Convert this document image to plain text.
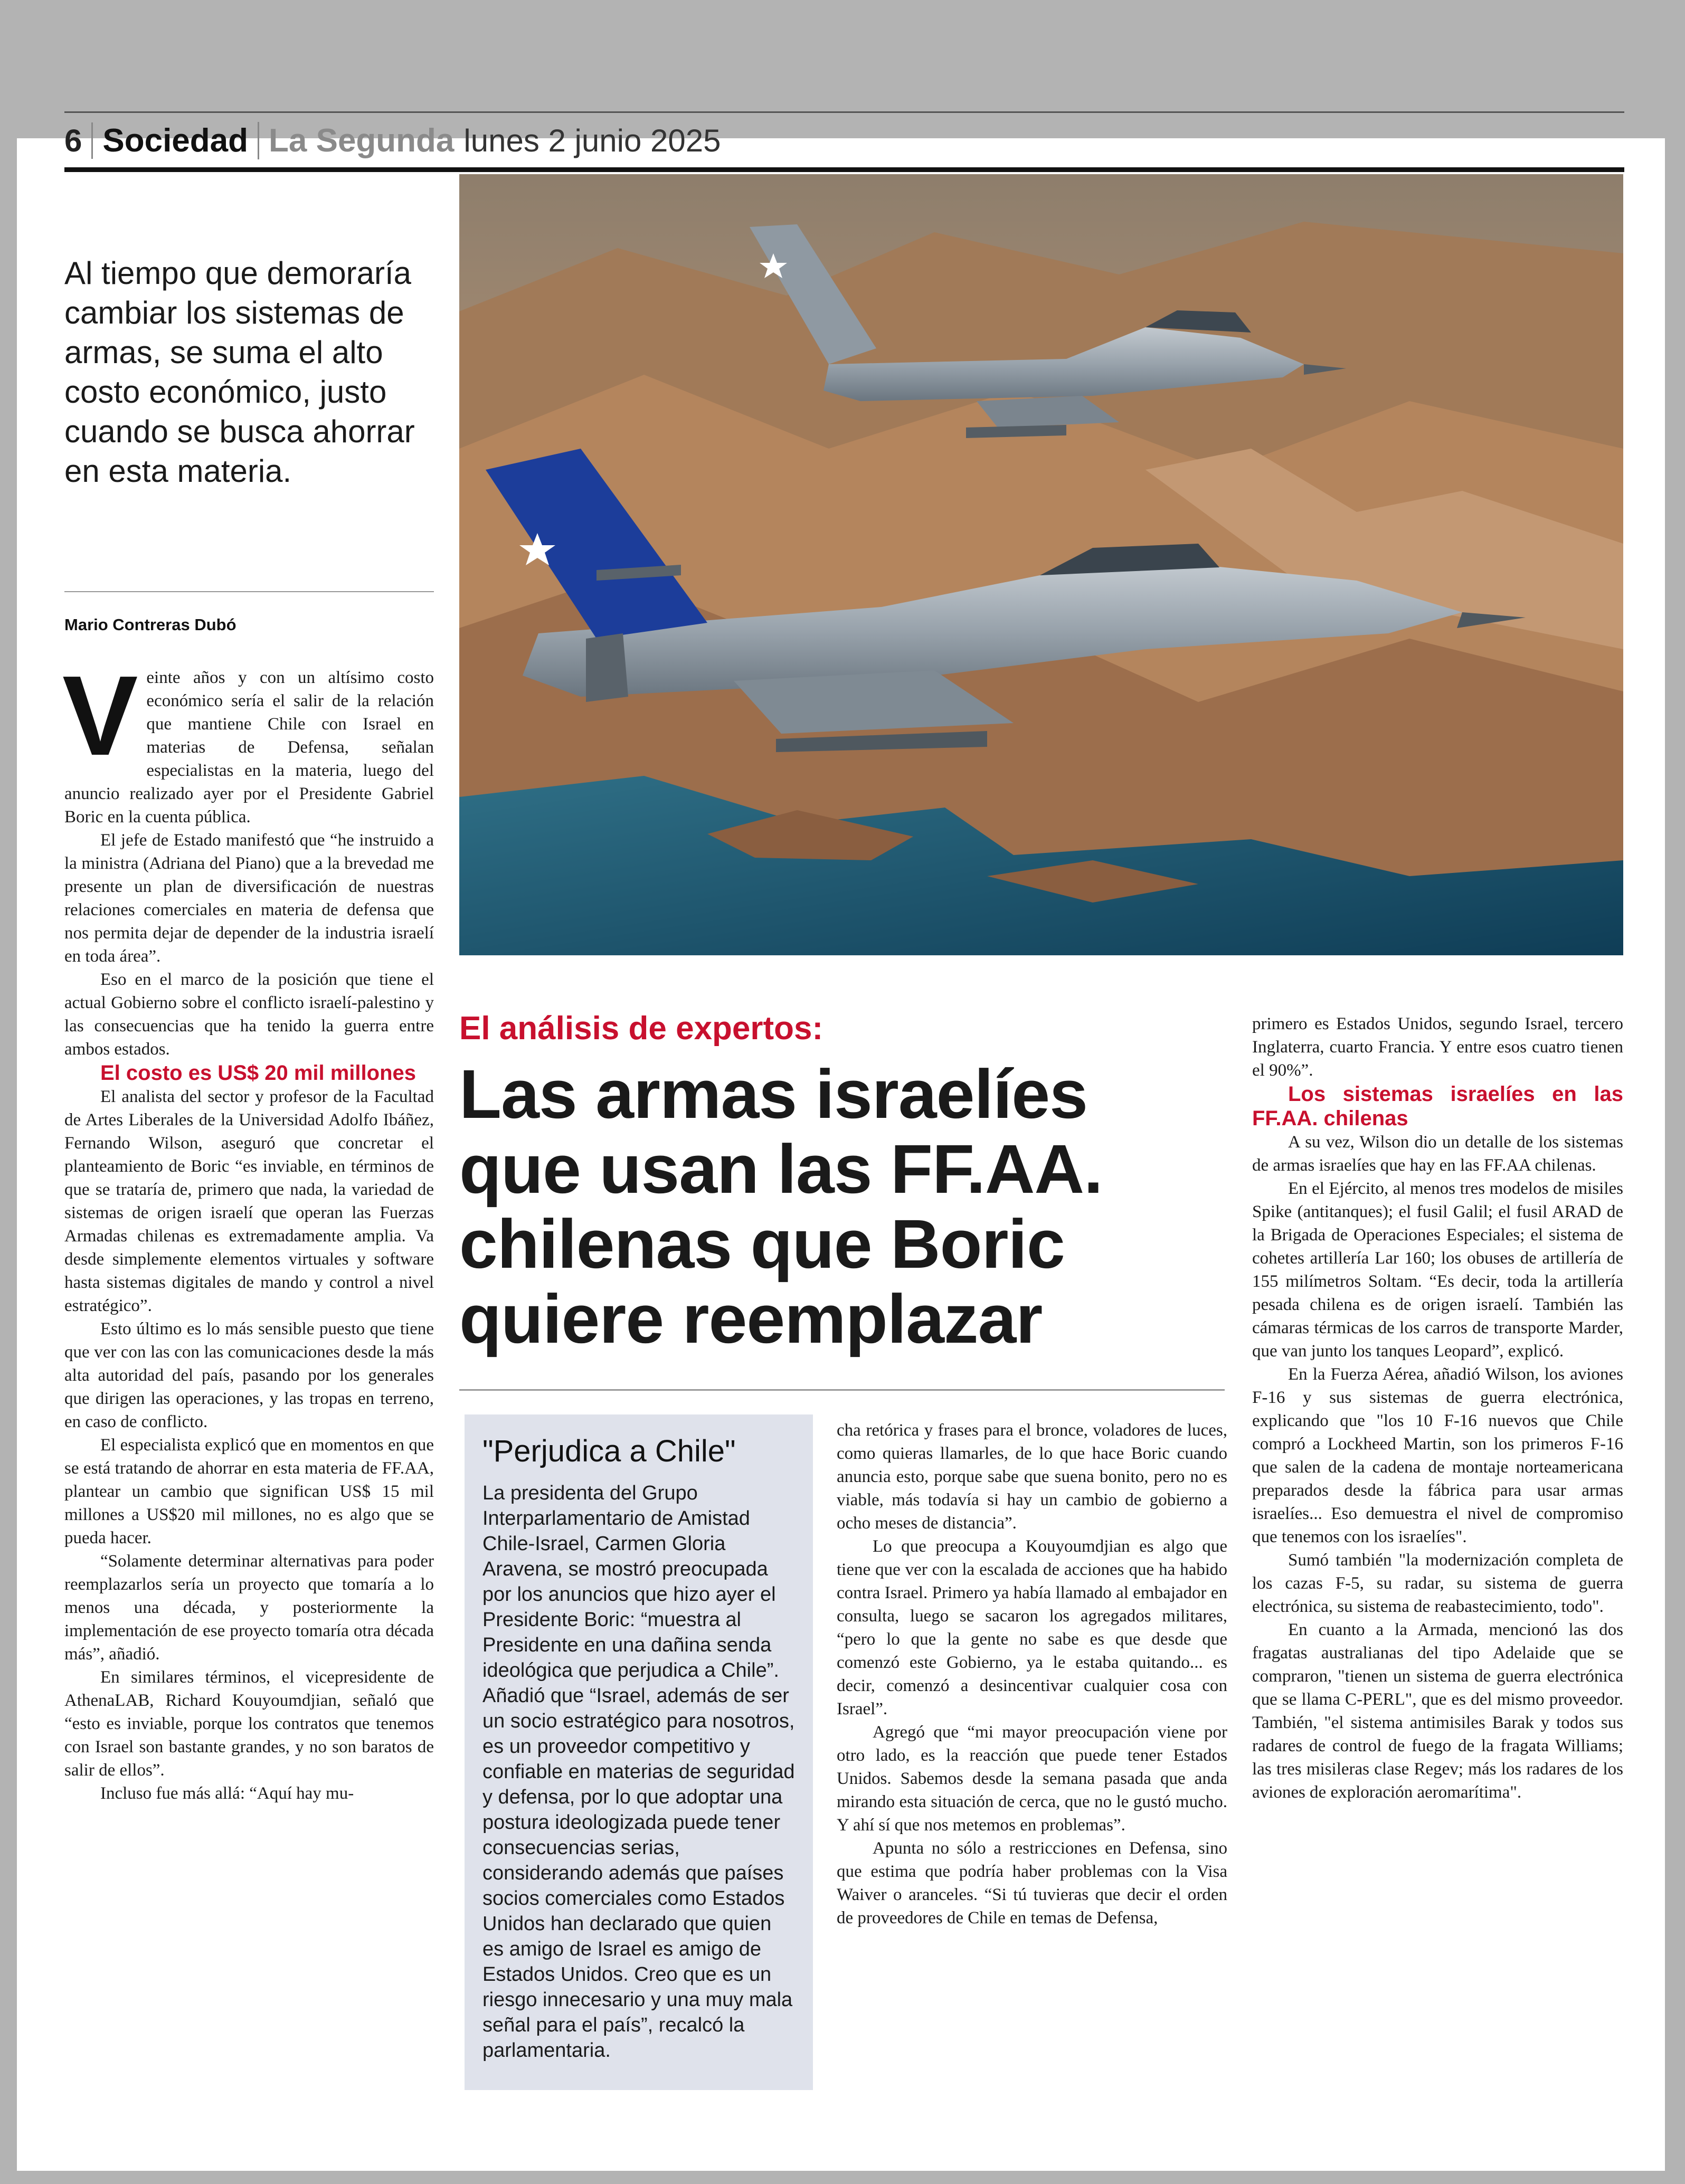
6 Sociedad La Segunda lunes 2 junio 2025

Al tiempo que demoraría cambiar los sistemas de armas, se suma el alto costo económico, justo cuando se busca ahorrar en esta materia.

Mario Contreras Dubó

Veinte años y con un altísimo costo económico sería el salir de la relación que mantiene Chile con Israel en materias de Defensa, señalan especialistas en la materia, luego del anuncio realizado ayer por el Presidente Gabriel Boric en la cuenta pública.

El jefe de Estado manifestó que “he instruido a la ministra (Adriana del Piano) que a la brevedad me presente un plan de diversificación de nuestras relaciones comerciales en materia de defensa que nos permita dejar de depender de la industria israelí en toda área”.

Eso en el marco de la posición que tiene el actual Gobierno sobre el conflicto israelí-palestino y las consecuencias que ha tenido la guerra entre ambos estados.

El costo es US$ 20 mil millones

El analista del sector y profesor de la Facultad de Artes Liberales de la Universidad Adolfo Ibáñez, Fernando Wilson, aseguró que concretar el planteamiento de Boric “es inviable, en términos de que se trataría de, primero que nada, la variedad de sistemas de origen israelí que operan las Fuerzas Armadas chilenas es extremadamente amplia. Va desde simplemente elementos virtuales y software hasta sistemas digitales de mando y control a nivel estratégico”.

Esto último es lo más sensible puesto que tiene que ver con las con las comunicaciones desde la más alta autoridad del país, pasando por los generales que dirigen las operaciones, y las tropas en terreno, en caso de conflicto.

El especialista explicó que en momentos en que se está tratando de ahorrar en esta materia de FF.AA, plantear un cambio que significan US$ 15 mil millones a US$20 mil millones, no es algo que se pueda hacer.

“Solamente determinar alternativas para poder reemplazarlos sería un proyecto que tomaría a lo menos una década, y posteriormente la implementación de ese proyecto tomaría otra década más”, añadió.

En similares términos, el vicepresidente de AthenaLAB, Richard Kouyoumdjian, señaló que “esto es inviable, porque los contratos que tenemos con Israel son bastante grandes, y no son baratos de salir de ellos”.

Incluso fue más allá: “Aquí hay mu-

El análisis de expertos:
Las armas israelíes que usan las FF.AA. chilenas que Boric quiere reemplazar
"Perjudica a Chile"

La presidenta del Grupo Interparlamentario de Amistad Chile-Israel, Carmen Gloria Aravena, se mostró preocupada por los anuncios que hizo ayer el Presidente Boric: “muestra al Presidente en una dañina senda ideológica que perjudica a Chile”.

Añadió que “Israel, además de ser un socio estratégico para nosotros, es un proveedor competitivo y confiable en materias de seguridad y defensa, por lo que adoptar una postura ideologizada puede tener consecuencias serias, considerando además que países socios comerciales como Estados Unidos han declarado que quien es amigo de Israel es amigo de Estados Unidos. Creo que es un riesgo innecesario y una muy mala señal para el país”, recalcó la parlamentaria.

cha retórica y frases para el bronce, voladores de luces, como quieras llamarles, de lo que hace Boric cuando anuncia esto, porque sabe que suena bonito, pero no es viable, más todavía si hay un cambio de gobierno a ocho meses de distancia”.

Lo que preocupa a Kouyoumdjian es algo que tiene que ver con la escalada de acciones que ha habido contra Israel. Primero ya había llamado al embajador en consulta, luego se sacaron los agregados militares, “pero lo que la gente no sabe es que desde que comenzó este Gobierno, ya le estaba quitando... es decir, comenzó a desincentivar cualquier cosa con Israel”.

Agregó que “mi mayor preocupación viene por otro lado, es la reacción que puede tener Estados Unidos. Sabemos desde la semana pasada que anda mirando esta situación de cerca, que no le gustó mucho. Y ahí sí que nos metemos en problemas”.

Apunta no sólo a restricciones en Defensa, sino que estima que podría haber problemas con la Visa Waiver o aranceles. “Si tú tuvieras que decir el orden de proveedores de Chile en temas de Defensa,

primero es Estados Unidos, segundo Israel, tercero Inglaterra, cuarto Francia. Y entre esos cuatro tienen el 90%”.

Los sistemas israelíes en las FF.AA. chilenas

A su vez, Wilson dio un detalle de los sistemas de armas israelíes que hay en las FF.AA chilenas.

En el Ejército, al menos tres modelos de misiles Spike (antitanques); el fusil Galil; el fusil ARAD de la Brigada de Operaciones Especiales; el sistema de cohetes artillería Lar 160; los obuses de artillería de 155 milímetros Soltam. “Es decir, toda la artillería pesada chilena es de origen israelí. También las cámaras térmicas de los carros de transporte Marder, que van junto los tanques Leopard”, explicó.

En la Fuerza Aérea, añadió Wilson, los aviones F-16 y sus sistemas de guerra electrónica, explicando que "los 10 F-16 nuevos que Chile compró a Lockheed Martin, son los primeros F-16 que salen de la cadena de montaje norteamericana preparados desde la fábrica para usar armas israelíes... Eso demuestra el nivel de compromiso que tenemos con los israelíes".

Sumó también "la modernización completa de los cazas F-5, su radar, su sistema de guerra electrónica, su sistema de reabastecimiento, todo".

En cuanto a la Armada, mencionó las dos fragatas australianas del tipo Adelaide que se compraron, "tienen un sistema de guerra electrónica que se llama C-PERL", que es del mismo proveedor. También, "el sistema antimisiles Barak y todos sus radares de control de fuego de la fragata Williams; las tres misileras clase Regev; más los radares de los aviones de exploración aeromarítima".
